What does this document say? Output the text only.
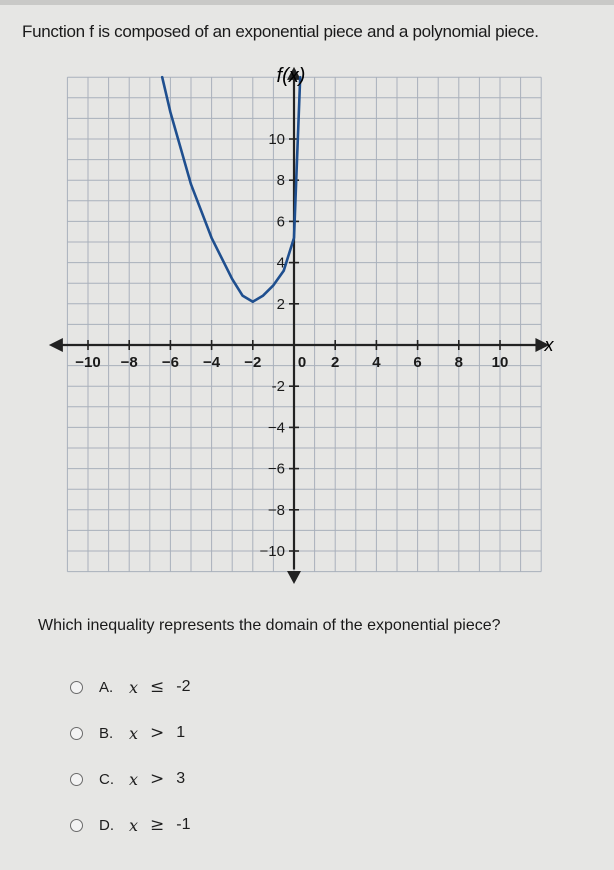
Function f is composed of an exponential piece and a polynomial piece.
−10 −8 −6 −4 −2 0 2 4 6 8 10
10
8
6
4
2
-2
−4
−6
−8
−10
f(x)
x
Which inequality represents the domain of the exponential piece?
A. x ≤ -2
B. x > 1
C. x > 3
D. x ≥ -1
